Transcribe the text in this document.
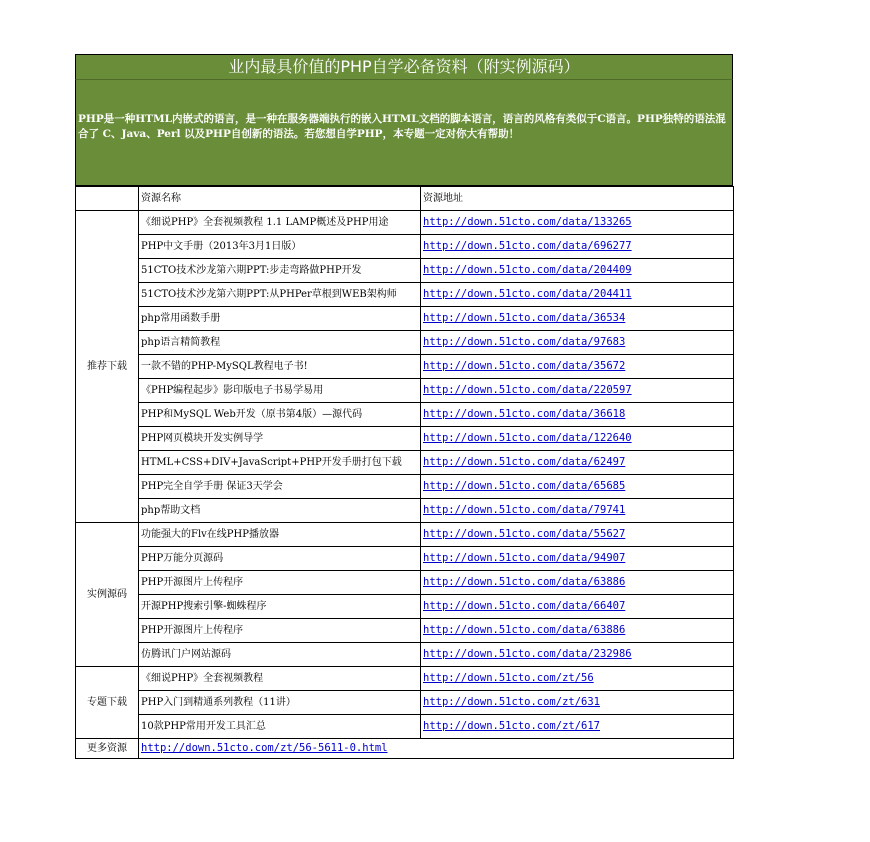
业内最具价值的PHP自学必备资料（附实例源码）
PHP是一种HTML内嵌式的语言，是一种在服务器端执行的嵌入HTML文档的脚本语言，语言的风格有类似于C语言。PHP独特的语法混合了 C、Java、Perl 以及PHP自创新的语法。若您想自学PHP，本专题一定对你大有帮助！
	资源名称	资源地址
推荐下载	《细说PHP》全套视频教程 1.1 LAMP概述及PHP用途	http://down.51cto.com/data/133265
	PHP中文手册（2013年3月1日版）	http://down.51cto.com/data/696277
	51CTO技术沙龙第六期PPT:步走弯路做PHP开发	http://down.51cto.com/data/204409
	51CTO技术沙龙第六期PPT:从PHPer草根到WEB架构师	http://down.51cto.com/data/204411
	php常用函数手册	http://down.51cto.com/data/36534
	php语言精简教程	http://down.51cto.com/data/97683
	一款不错的PHP-MySQL教程电子书!	http://down.51cto.com/data/35672
	《PHP编程起步》影印版电子书易学易用	http://down.51cto.com/data/220597
	PHP和MySQL Web开发（原书第4版）—源代码	http://down.51cto.com/data/36618
	PHP网页模块开发实例导学	http://down.51cto.com/data/122640
	HTML+CSS+DIV+JavaScript+PHP开发手册打包下载	http://down.51cto.com/data/62497
	PHP完全自学手册 保证3天学会	http://down.51cto.com/data/65685
	php帮助文档	http://down.51cto.com/data/79741
实例源码	功能强大的Flv在线PHP播放器	http://down.51cto.com/data/55627
	PHP万能分页源码	http://down.51cto.com/data/94907
	PHP开源图片上传程序	http://down.51cto.com/data/63886
	开源PHP搜索引擎-蜘蛛程序	http://down.51cto.com/data/66407
	PHP开源图片上传程序	http://down.51cto.com/data/63886
	仿腾讯门户网站源码	http://down.51cto.com/data/232986
专题下载	《细说PHP》全套视频教程	http://down.51cto.com/zt/56
	PHP入门到精通系列教程（11讲）	http://down.51cto.com/zt/631
	10款PHP常用开发工具汇总	http://down.51cto.com/zt/617
更多资源	http://down.51cto.com/zt/56-5611-0.html	
